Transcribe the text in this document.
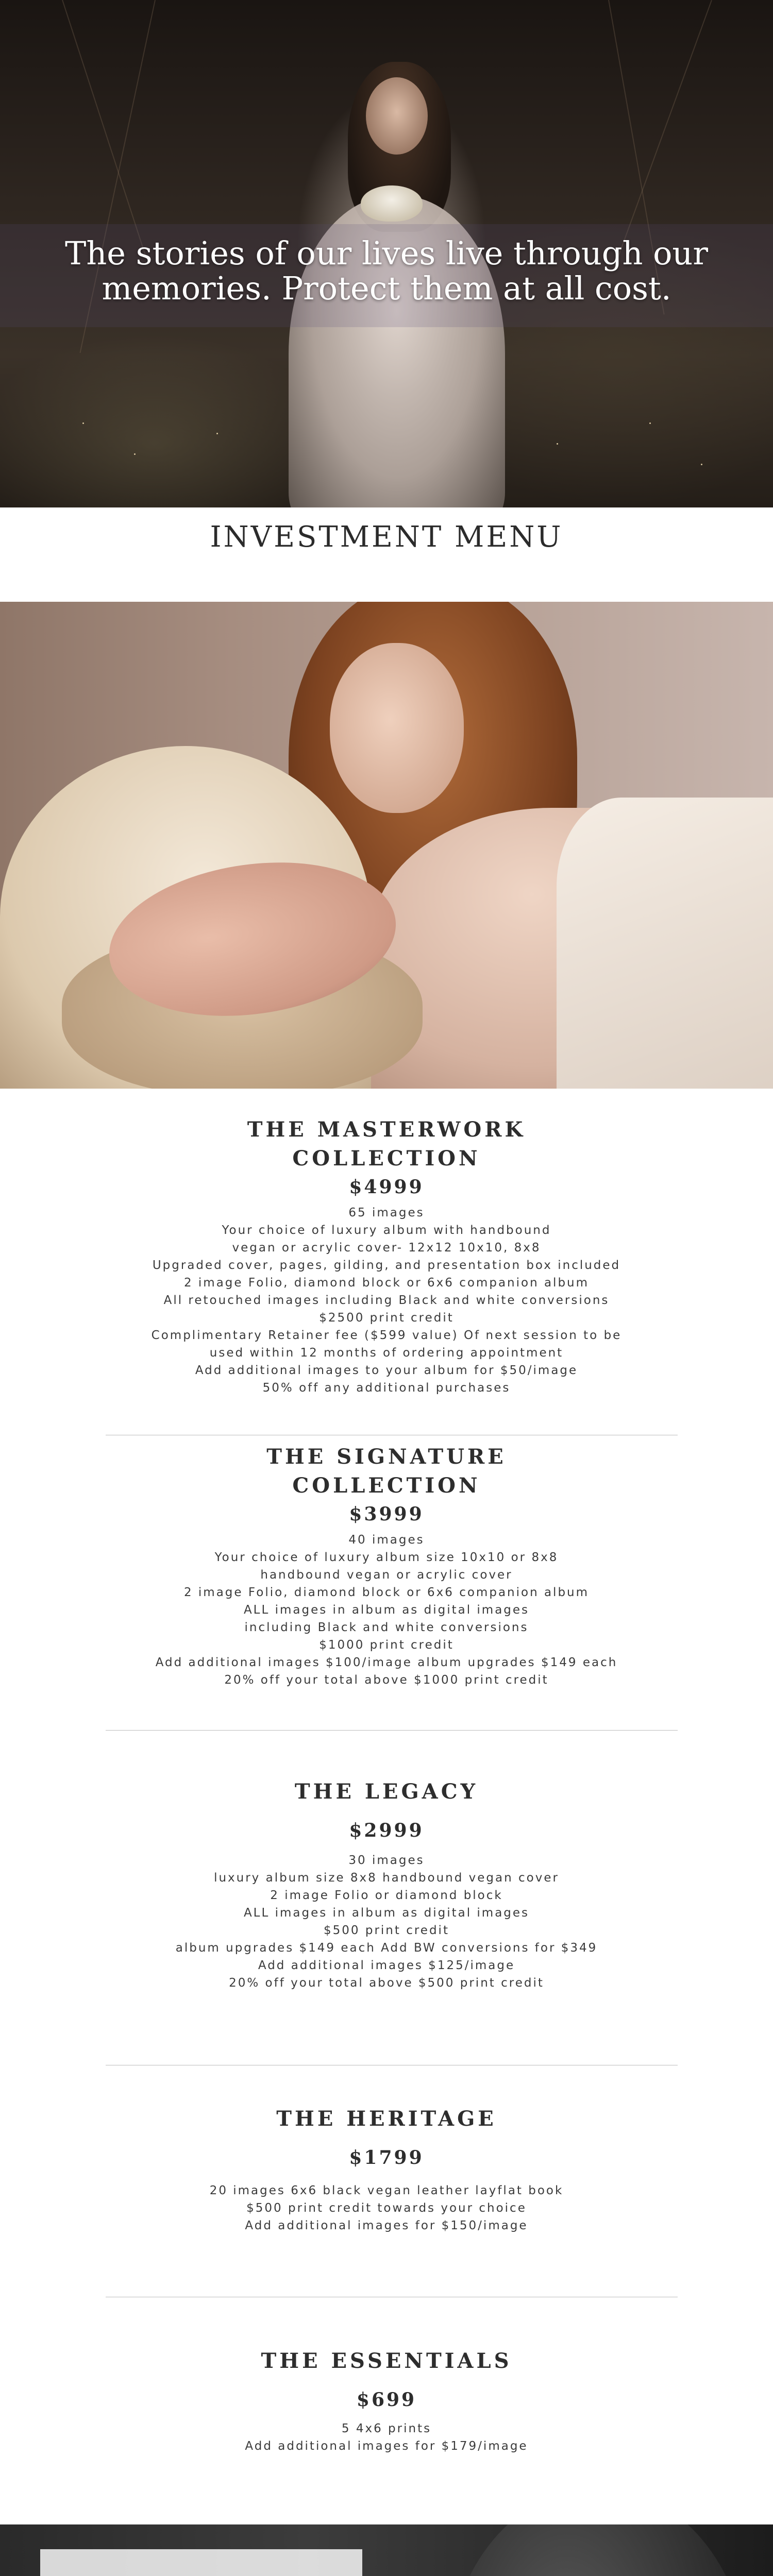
The stories of our lives live through our
memories. Protect them at all cost.
INVESTMENT MENU
THE MASTERWORK
COLLECTION
$4999
65 images
Your choice of luxury album with handbound
vegan or acrylic cover- 12x12 10x10, 8x8
Upgraded cover, pages, gilding, and presentation box included
2 image Folio, diamond block or 6x6 companion album
All retouched images including Black and white conversions
$2500 print credit
Complimentary Retainer fee ($599 value) Of next session to be
used within 12 months of ordering appointment
Add additional images to your album for $50/image
50% off any additional purchases
THE SIGNATURE
COLLECTION
$3999
40 images
Your choice of luxury album size 10x10 or 8x8
handbound vegan or acrylic cover
2 image Folio, diamond block or 6x6 companion album
ALL images in album as digital images
including Black and white conversions
$1000 print credit
Add additional images $100/image album upgrades $149 each
20% off your total above $1000 print credit
THE LEGACY
$2999
30 images
luxury album size 8x8 handbound vegan cover
2 image Folio or diamond block
ALL images in album as digital images
$500 print credit
album upgrades $149 each Add BW conversions for $349
Add additional images $125/image
20% off your total above $500 print credit
THE HERITAGE
$1799
20 images 6x6 black vegan leather layflat book
$500 print credit towards your choice
Add additional images for $150/image
THE ESSENTIALS
$699
5 4x6 prints
Add additional images for $179/image
